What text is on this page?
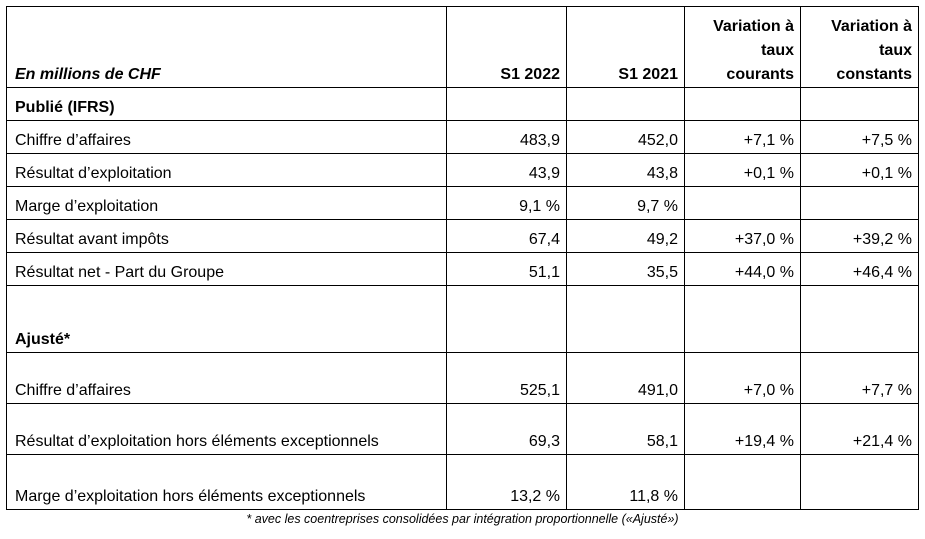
En millions de CHF	S1 2022	S1 2021	Variation à taux courants	Variation à taux constants
Publié (IFRS)				
Chiffre d’affaires	483,9	452,0	+7,1 %	+7,5 %
Résultat d’exploitation	43,9	43,8	+0,1 %	+0,1 %
Marge d’exploitation	9,1 %	9,7 %		
Résultat avant impôts	67,4	49,2	+37,0 %	+39,2 %
Résultat net - Part du Groupe	51,1	35,5	+44,0 %	+46,4 %
Ajusté*				
Chiffre d’affaires	525,1	491,0	+7,0 %	+7,7 %
Résultat d’exploitation hors éléments exceptionnels	69,3	58,1	+19,4 %	+21,4 %
Marge d’exploitation hors éléments exceptionnels	13,2 %	11,8 %		
* avec les coentreprises consolidées par intégration proportionnelle («Ajusté»)
